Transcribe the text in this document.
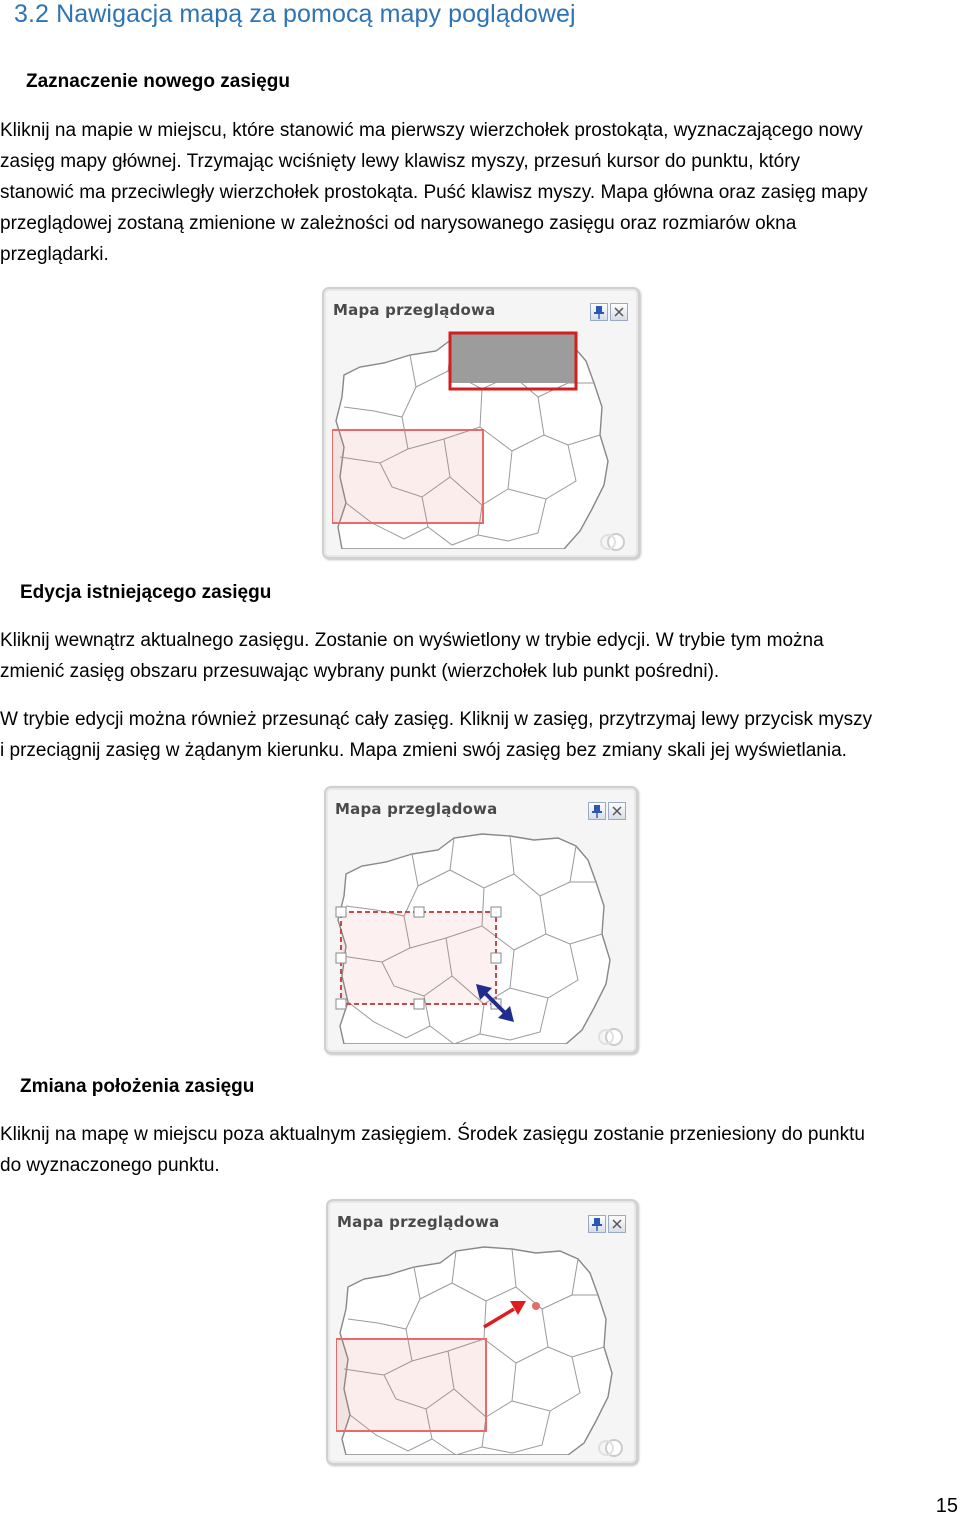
3.2 Nawigacja mapą za pomocą mapy poglądowej
Zaznaczenie nowego zasięgu

Kliknij na mapie w miejscu, które stanowić ma pierwszy wierzchołek prostokąta, wyznaczającego nowy

zasięg mapy głównej. Trzymając wciśnięty lewy klawisz myszy, przesuń kursor do punktu, który

stanowić ma przeciwległy wierzchołek prostokąta. Puść klawisz myszy. Mapa główna oraz zasięg mapy

przeglądowej zostaną zmienione w zależności od narysowanego zasięgu oraz rozmiarów okna

przeglądarki.

Mapa przeglądowa
Edycja istniejącego zasięgu

Kliknij wewnątrz aktualnego zasięgu. Zostanie on wyświetlony w trybie edycji. W trybie tym można

zmienić zasięg obszaru przesuwając wybrany punkt (wierzchołek lub punkt pośredni).

W trybie edycji można również przesunąć cały zasięg. Kliknij w zasięg, przytrzymaj lewy przycisk myszy

i przeciągnij zasięg w żądanym kierunku. Mapa zmieni swój zasięg bez zmiany skali jej wyświetlania.

Mapa przeglądowa
Zmiana położenia zasięgu

Kliknij na mapę w miejscu poza aktualnym zasięgiem. Środek zasięgu zostanie przeniesiony do punktu

do wyznaczonego punktu.

Mapa przeglądowa
15
